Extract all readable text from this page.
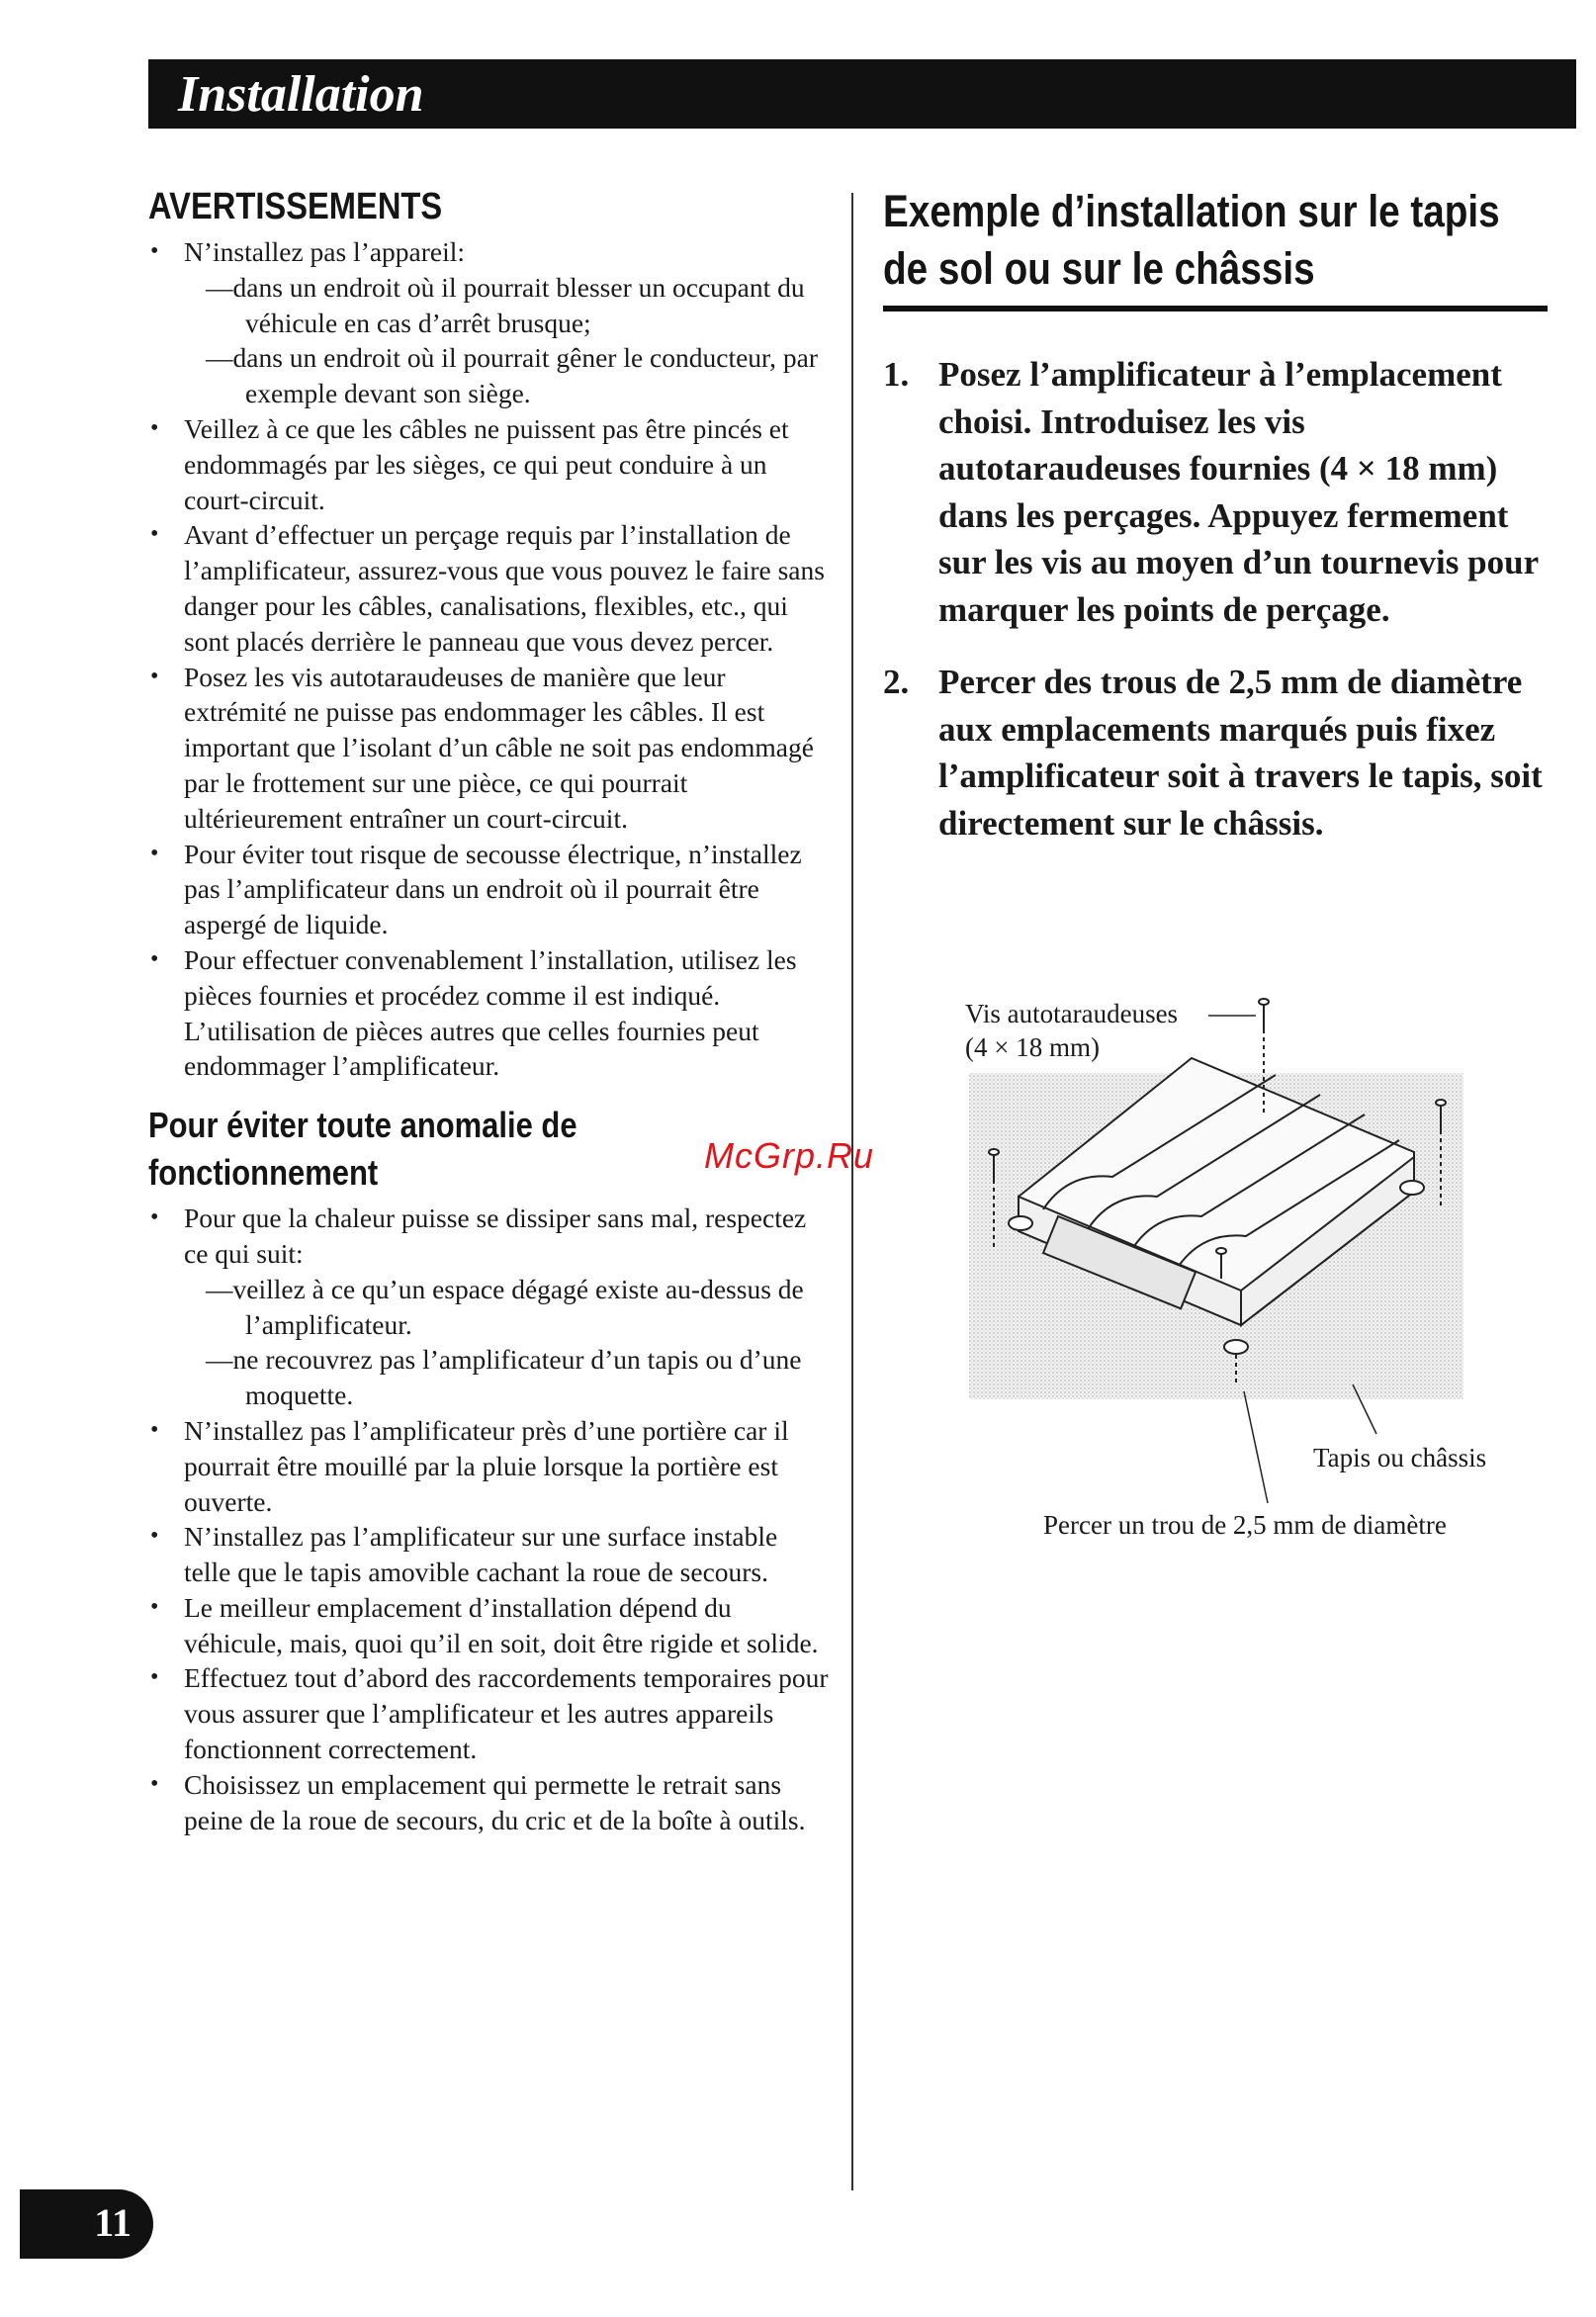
Installation
AVERTISSEMENTS
• N’installez pas l’appareil:
—dans un endroit où il pourrait blesser un occupant du véhicule en cas d’arrêt brusque;
—dans un endroit où il pourrait gêner le conducteur, par exemple devant son siège.
• Veillez à ce que les câbles ne puissent pas être pincés et endommagés par les sièges, ce qui peut conduire à un court-circuit.
• Avant d’effectuer un perçage requis par l’installation de l’amplificateur, assurez-vous que vous pouvez le faire sans danger pour les câbles, canalisations, flexibles, etc., qui sont placés derrière le panneau que vous devez percer.
• Posez les vis autotaraudeuses de manière que leur extrémité ne puisse pas endommager les câbles. Il est important que l’isolant d’un câble ne soit pas endommagé par le frottement sur une pièce, ce qui pourrait ultérieurement entraîner un court-circuit.
• Pour éviter tout risque de secousse électrique, n’installez pas l’amplificateur dans un endroit où il pourrait être aspergé de liquide.
• Pour effectuer convenablement l’installation, utilisez les pièces fournies et procédez comme il est indiqué. L’utilisation de pièces autres que celles fournies peut endommager l’amplificateur.
Pour éviter toute anomalie de
fonctionnement
• Pour que la chaleur puisse se dissiper sans mal, respectez ce qui suit:
—veillez à ce qu’un espace dégagé existe au-dessus de l’amplificateur.
—ne recouvrez pas l’amplificateur d’un tapis ou d’une moquette.
• N’installez pas l’amplificateur près d’une portière car il pourrait être mouillé par la pluie lorsque la portière est ouverte.
• N’installez pas l’amplificateur sur une surface instable telle que le tapis amovible cachant la roue de secours.
• Le meilleur emplacement d’installation dépend du véhicule, mais, quoi qu’il en soit, doit être rigide et solide.
• Effectuez tout d’abord des raccordements temporaires pour vous assurer que l’amplificateur et les autres appareils fonctionnent correctement.
• Choisissez un emplacement qui permette le retrait sans peine de la roue de secours, du cric et de la boîte à outils.
Exemple d’installation sur le tapis
de sol ou sur le châssis
1. Posez l’amplificateur à l’emplacement choisi. Introduisez les vis autotaraudeuses fournies (4 × 18 mm) dans les perçages. Appuyez fermement sur les vis au moyen d’un tournevis pour marquer les points de perçage.
2. Percer des trous de 2,5 mm de diamètre aux emplacements marqués puis fixez l’amplificateur soit à travers le tapis, soit directement sur le châssis.
Vis autotaraudeuses
(4 × 18 mm)
Tapis ou châssis
Percer un trou de 2,5 mm de diamètre
McGrp.Ru
11
